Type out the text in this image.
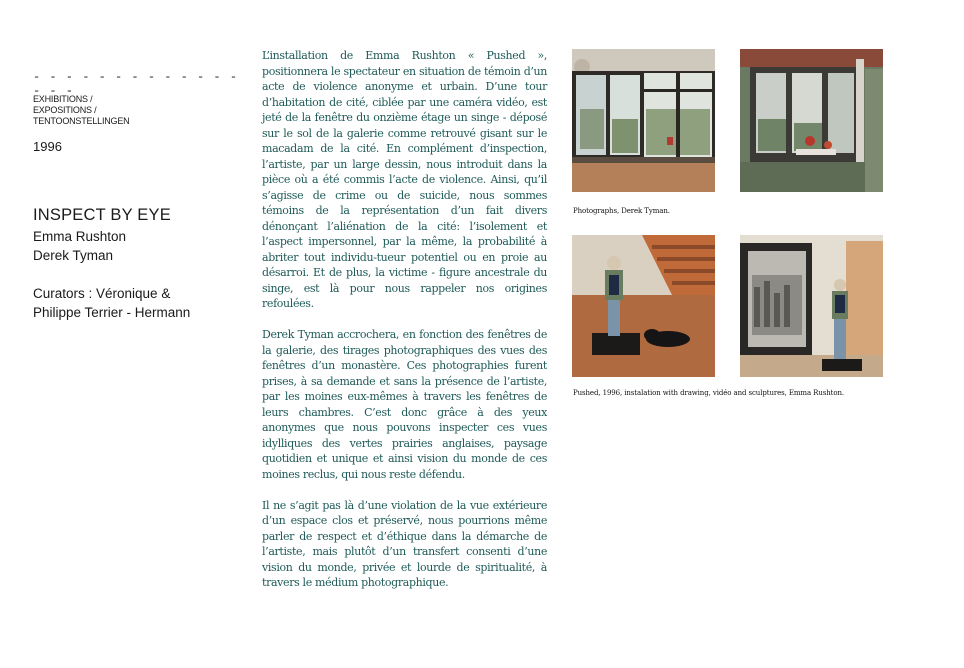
- - - - - - - - - - - - - - - -
EXHIBITIONS /
EXPOSITIONS /
TENTOONSTELLINGEN
1996
INSPECT BY EYE
Emma Rushton
Derek Tyman
Curators : Véronique &
Philippe Terrier - Hermann

L’installation de Emma Rushton « Pushed », positionnera le spectateur en situation de témoin d’un acte de violence anonyme et urbain. D’une tour d’habitation de cité, ciblée par une caméra vidéo, est jeté de la fenêtre du onzième étage un singe - déposé sur le sol de la galerie comme retrouvé gisant sur le macadam de la cité. En complément d’inspection, l’artiste, par un large dessin, nous introduit dans la pièce où a été commis l’acte de violence. Ainsi, qu’il s’agisse de crime ou de suicide, nous sommes témoins de la représentation d’un fait divers dénonçant l’aliénation de la cité: l’isolement et l’aspect impersonnel, par la même, la probabilité à abriter tout individu-tueur potentiel ou en proie au désarroi. Et de plus, la victime - figure ancestrale du singe, est là pour nous rappeler nos origines refoulées.

Derek Tyman accrochera, en fonction des fenêtres de la galerie, des tirages photographiques des vues des fenêtres d’un monastère. Ces photographies furent prises, à sa demande et sans la présence de l’artiste, par les moines eux-mêmes à travers les fenêtres de leurs chambres. C’est donc grâce à des yeux anonymes que nous pouvons inspecter ces vues idylliques des vertes prairies anglaises, paysage quotidien et unique et ainsi vision du monde de ces moines reclus, qui nous reste défendu.

Il ne s’agit pas là d’une violation de la vue extérieure d’un espace clos et préservé, nous pourrions même parler de respect et d’éthique dans la démarche de l’artiste, mais plutôt d’un transfert consenti d’une vision du monde, privée et lourde de spiritualité, à travers le médium photographique.

Photographs, Derek Tyman.
Pushed, 1996, instalation with drawing, vidéo and sculptures, Emma Rushton.
